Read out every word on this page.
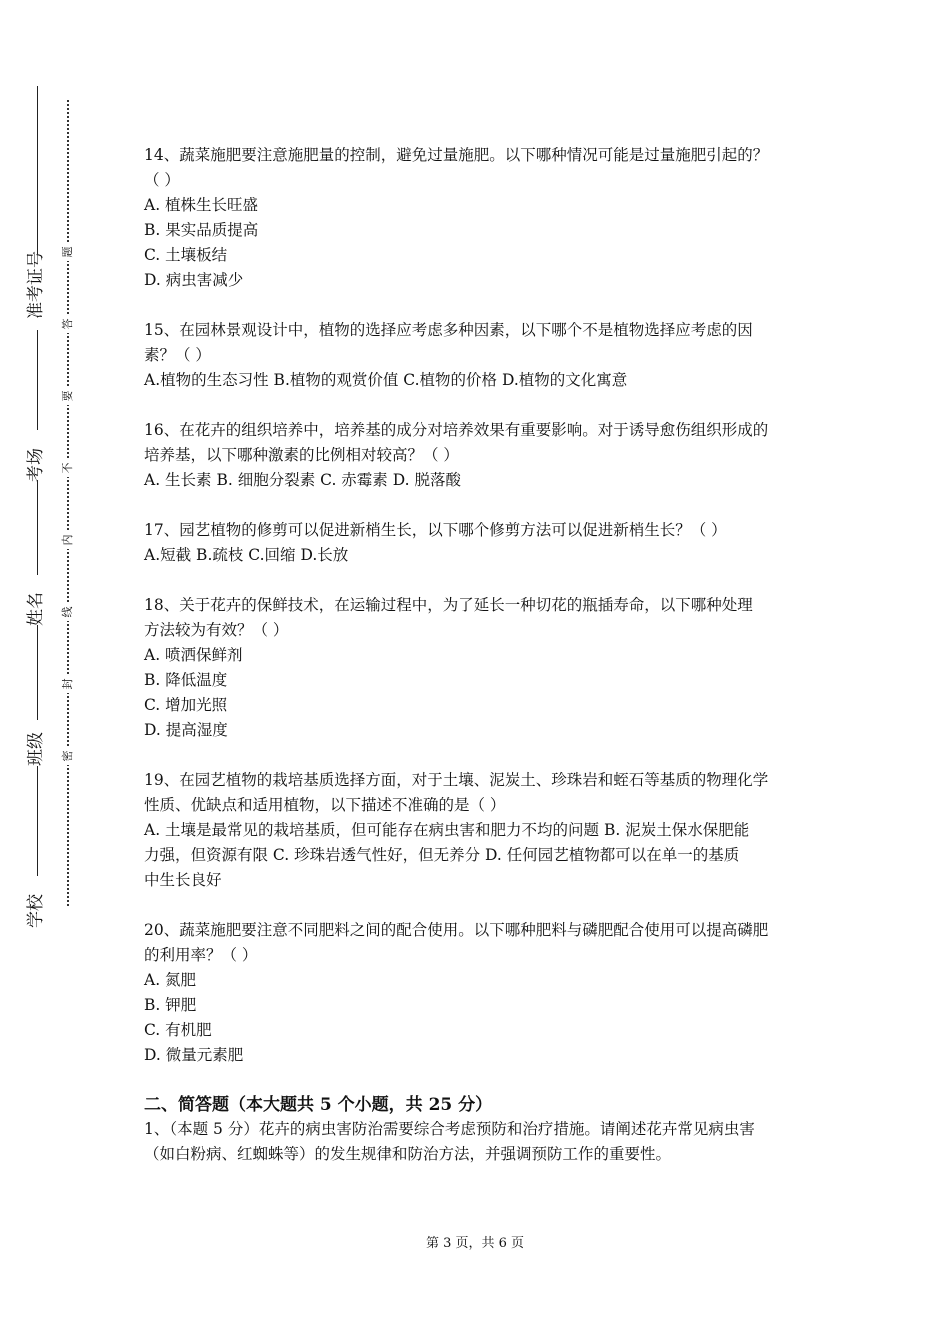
准考证号
考场
姓名
班级
学校
题
答
要
不
内
线
封
密
14、蔬菜施肥要注意施肥量的控制，避免过量施肥。以下哪种情况可能是过量施肥引起的？
（ ）
A. 植株生长旺盛
B. 果实品质提高
C. 土壤板结
D. 病虫害减少
15、在园林景观设计中，植物的选择应考虑多种因素，以下哪个不是植物选择应考虑的因
素？（ ）
A.植物的生态习性 B.植物的观赏价值 C.植物的价格 D.植物的文化寓意
16、在花卉的组织培养中，培养基的成分对培养效果有重要影响。对于诱导愈伤组织形成的
培养基，以下哪种激素的比例相对较高？（ ）
A. 生长素 B. 细胞分裂素 C. 赤霉素 D. 脱落酸
17、园艺植物的修剪可以促进新梢生长，以下哪个修剪方法可以促进新梢生长？（ ）
A.短截 B.疏枝 C.回缩 D.长放
18、关于花卉的保鲜技术，在运输过程中，为了延长一种切花的瓶插寿命，以下哪种处理
方法较为有效？（ ）
A. 喷洒保鲜剂
B. 降低温度
C. 增加光照
D. 提高湿度
19、在园艺植物的栽培基质选择方面，对于土壤、泥炭土、珍珠岩和蛭石等基质的物理化学
性质、优缺点和适用植物，以下描述不准确的是（ ）
A. 土壤是最常见的栽培基质，但可能存在病虫害和肥力不均的问题 B. 泥炭土保水保肥能
力强，但资源有限 C. 珍珠岩透气性好，但无养分 D. 任何园艺植物都可以在单一的基质
中生长良好
20、蔬菜施肥要注意不同肥料之间的配合使用。以下哪种肥料与磷肥配合使用可以提高磷肥
的利用率？（ ）
A. 氮肥
B. 钾肥
C. 有机肥
D. 微量元素肥
二、简答题（本大题共 5 个小题，共 25 分）
1、（本题 5 分）花卉的病虫害防治需要综合考虑预防和治疗措施。请阐述花卉常见病虫害
（如白粉病、红蜘蛛等）的发生规律和防治方法，并强调预防工作的重要性。
第 3 页，共 6 页
